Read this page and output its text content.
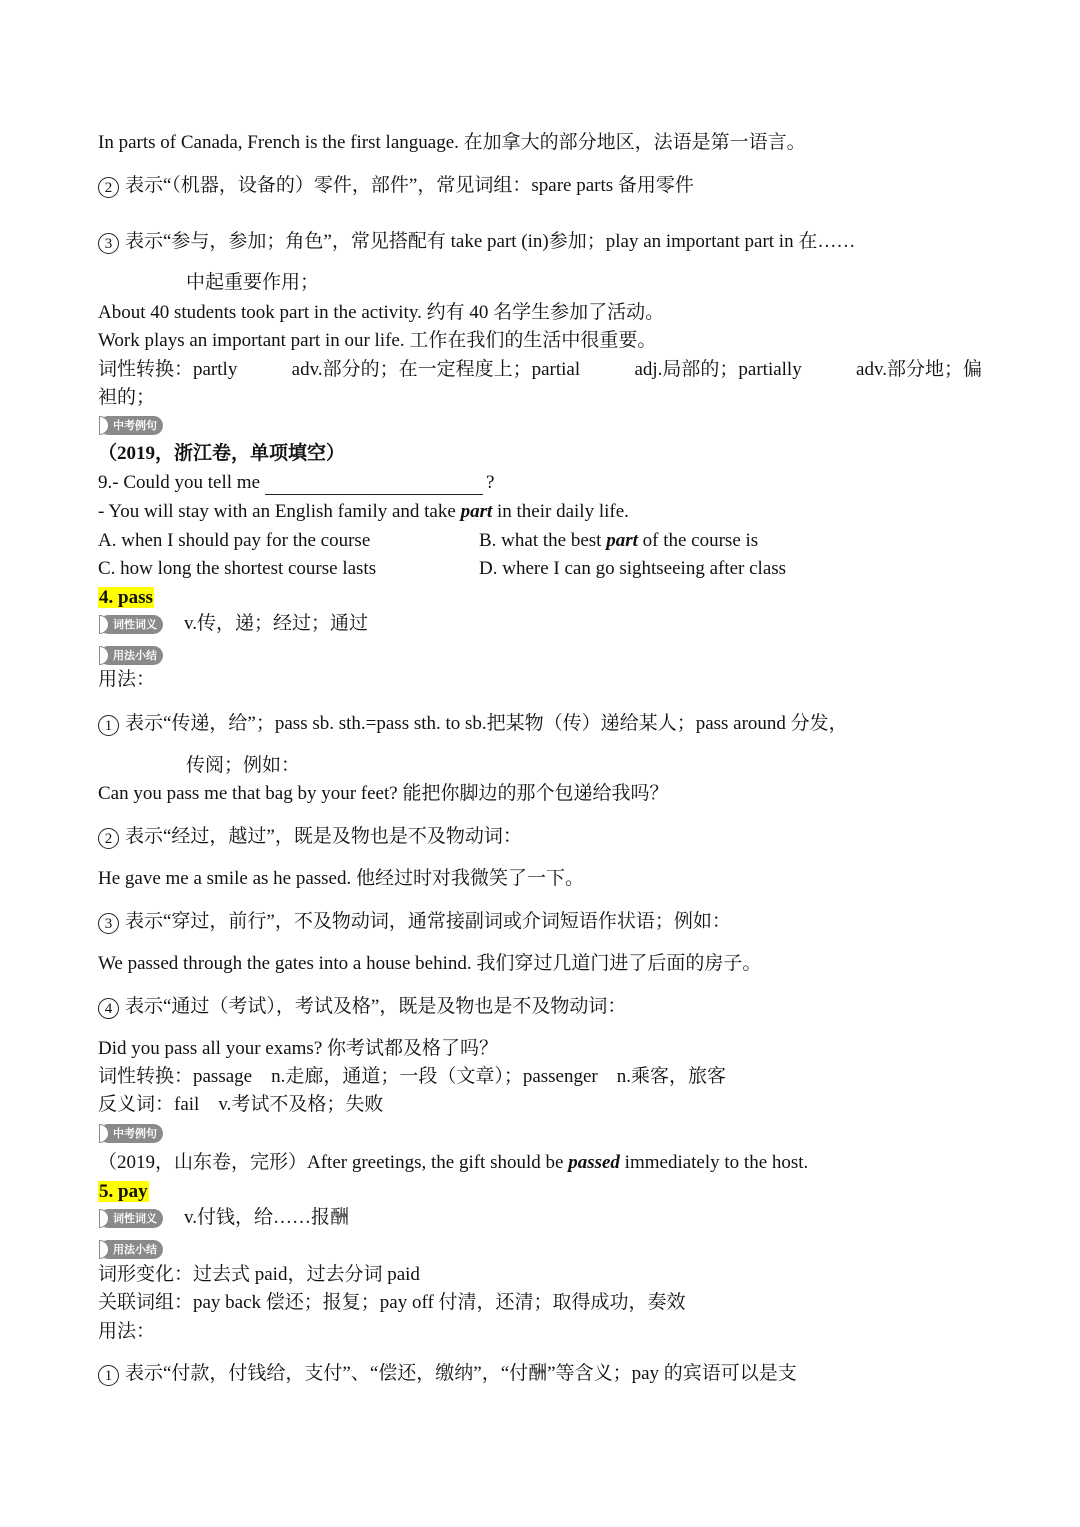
In parts of Canada, French is the first language. 在加拿大的部分地区，法语是第一语言。
2 表示“（机器，设备的）零件，部件”，常见词组：spare parts 备用零件
3 表示“参与，参加；角色”，常见搭配有 take part (in)参加；play an important part in 在……
中起重要作用；
About 40 students took part in the activity. 约有 40 名学生参加了活动。
Work plays an important part in our life. 工作在我们的生活中很重要。
词性转换：partly	adv.部分的；在一定程度上；partial	adj.局部的；partially	adv.部分地；偏
袒的；
中考例句
（2019，浙江卷，单项填空）
9.- Could you tell me	?
- You will stay with an English family and take part in their daily life.
A. when I should pay for the course	B. what the best part of the course is
C. how long the shortest course lasts	D. where I can go sightseeing after class
4. pass
词性词义	v.传，递；经过；通过
用法小结
用法：
1 表示“传递，给”；pass sb. sth.=pass sth. to sb.把某物（传）递给某人；pass around 分发，
传阅；例如：
Can you pass me that bag by your feet? 能把你脚边的那个包递给我吗？
2 表示“经过，越过”，既是及物也是不及物动词：
He gave me a smile as he passed. 他经过时对我微笑了一下。
3 表示“穿过，前行”，不及物动词，通常接副词或介词短语作状语；例如：
We passed through the gates into a house behind. 我们穿过几道门进了后面的房子。
4 表示“通过（考试），考试及格”，既是及物也是不及物动词：
Did you pass all your exams? 你考试都及格了吗？
词性转换：passage　n.走廊，通道；一段（文章）；passenger　n.乘客，旅客
反义词：fail　v.考试不及格；失败
中考例句
（2019，山东卷，完形）After greetings, the gift should be passed immediately to the host.
5. pay
词性词义	v.付钱，给……报酬
用法小结
词形变化：过去式 paid，过去分词 paid
关联词组：pay back 偿还；报复；pay off 付清，还清；取得成功，奏效
用法：
1 表示“付款，付钱给，支付”、“偿还，缴纳”，“付酬”等含义；pay 的宾语可以是支
